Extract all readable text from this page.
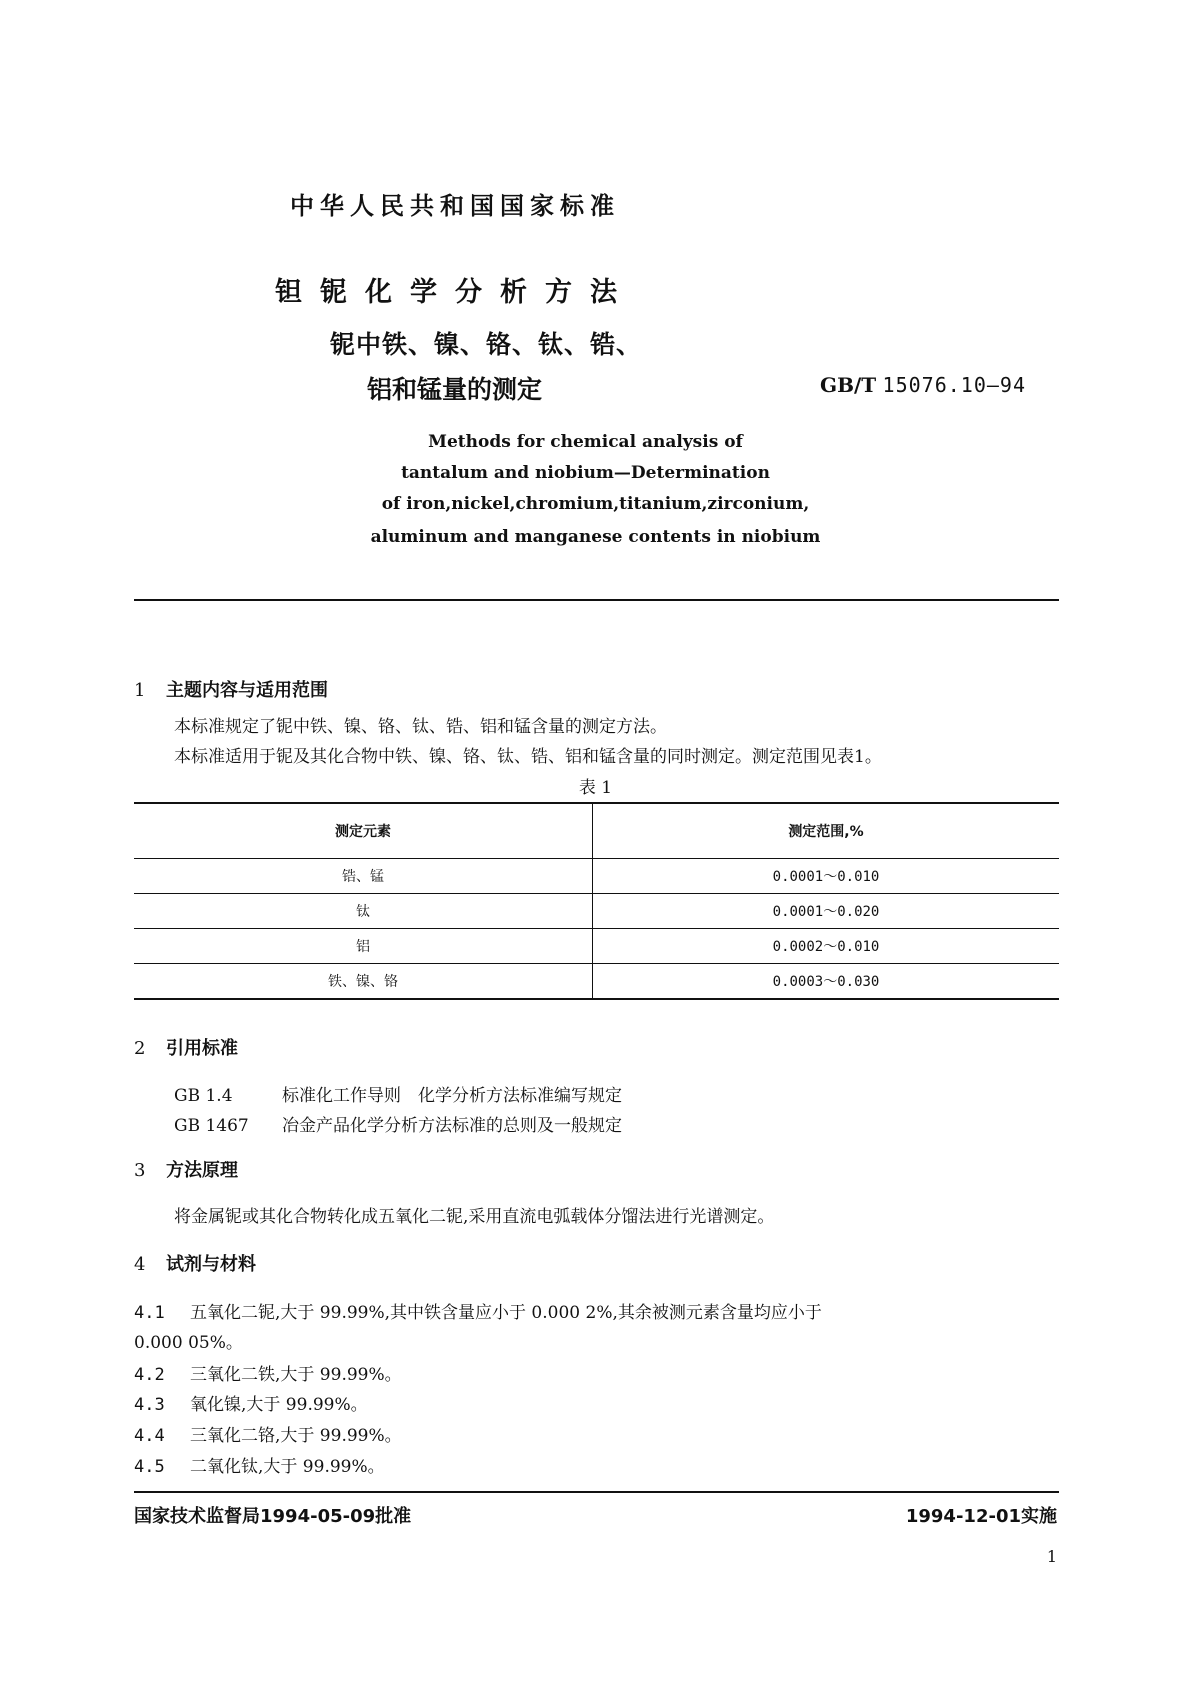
中华人民共和国国家标准
钽铌化学分析方法
铌中铁、镍、铬、钛、锆、
铝和锰量的测定	GB/T 15076.10—94
Methods for chemical analysis of
tantalum and niobium—Determination
of iron,nickel,chromium,titanium,zirconium,
aluminum and manganese contents in niobium
1 主题内容与适用范围
本标准规定了铌中铁、镍、铬、钛、锆、铝和锰含量的测定方法。
本标准适用于铌及其化合物中铁、镍、铬、钛、锆、铝和锰含量的同时测定。测定范围见表1。
表 1
测定元素	测定范围,%
锆、锰	0.0001～0.010
钛	0.0001～0.020
铝	0.0002～0.010
铁、镍、铬	0.0003～0.030
2 引用标准
GB 1.4	标准化工作导则　化学分析方法标准编写规定
GB 1467 冶金产品化学分析方法标准的总则及一般规定
3 方法原理
将金属铌或其化合物转化成五氧化二铌,采用直流电弧载体分馏法进行光谱测定。
4 试剂与材料
4.1 五氧化二铌,大于 99.99%,其中铁含量应小于 0.000 2%,其余被测元素含量均应小于
0.000 05%。
4.2 三氧化二铁,大于 99.99%。
4.3 氧化镍,大于 99.99%。
4.4 三氧化二铬,大于 99.99%。
4.5 二氧化钛,大于 99.99%。
国家技术监督局1994-05-09批准	1994-12-01实施
1
